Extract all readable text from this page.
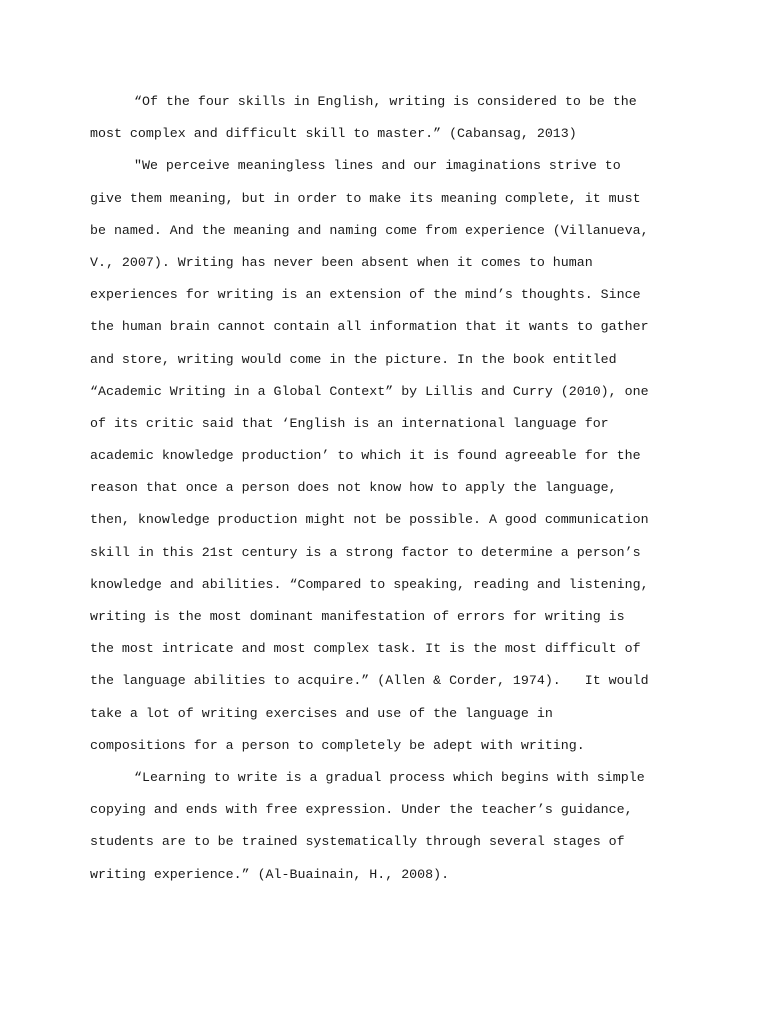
“Of the four skills in English, writing is considered to be the
most complex and difficult skill to master.” (Cabansag, 2013)
"We perceive meaningless lines and our imaginations strive to
give them meaning, but in order to make its meaning complete, it must
be named. And the meaning and naming come from experience (Villanueva,
V., 2007). Writing has never been absent when it comes to human
experiences for writing is an extension of the mind’s thoughts. Since
the human brain cannot contain all information that it wants to gather
and store, writing would come in the picture. In the book entitled
“Academic Writing in a Global Context” by Lillis and Curry (2010), one
of its critic said that ‘English is an international language for
academic knowledge production’ to which it is found agreeable for the
reason that once a person does not know how to apply the language,
then, knowledge production might not be possible. A good communication
skill in this 21st century is a strong factor to determine a person’s
knowledge and abilities. “Compared to speaking, reading and listening,
writing is the most dominant manifestation of errors for writing is
the most intricate and most complex task. It is the most difficult of
the language abilities to acquire.” (Allen & Corder, 1974).   It would
take a lot of writing exercises and use of the language in
compositions for a person to completely be adept with writing.
“Learning to write is a gradual process which begins with simple
copying and ends with free expression. Under the teacher’s guidance,
students are to be trained systematically through several stages of
writing experience.” (Al-Buainain, H., 2008).
